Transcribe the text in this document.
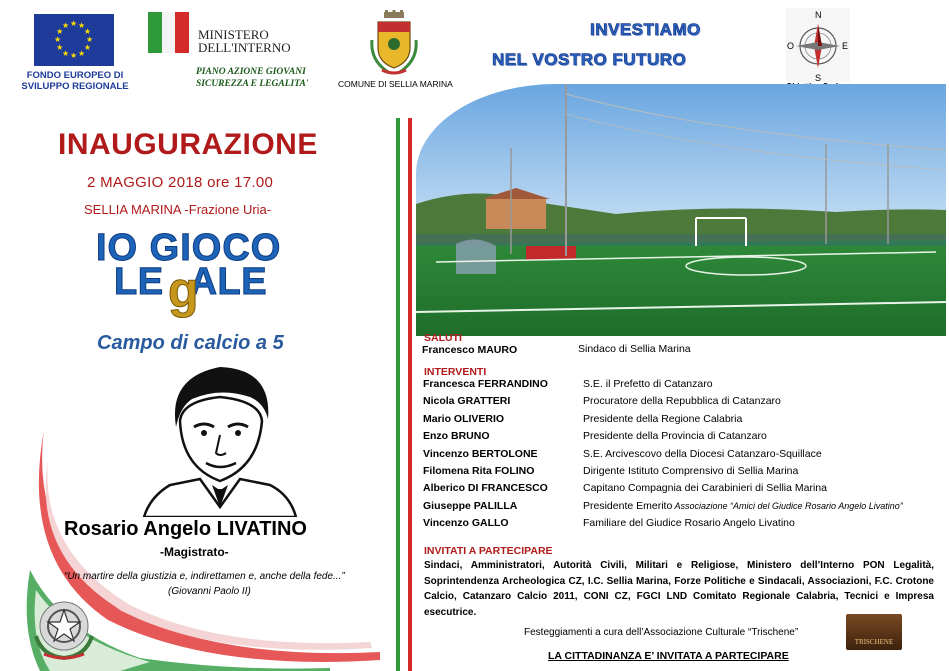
★
★
★
★
★
★
★
★
★ ★ ★
★
FONDO EUROPEO DI
SVILUPPO REGIONALE
MINISTERO
DELL'INTERNO
PIANO AZIONE GIOVANI
SICUREZZA E LEGALITA'	COMUNE DI SELLIA MARINA
INVESTIAMO
NEL VOSTRO FUTURO
N
S
E
O
INAUGURAZIONE
2 MAGGIO 2018 ore 17.00
SELLIA MARINA -Frazione Uria-
IO GIOCO
LE ALE
g
Campo di calcio a 5
Rosario Angelo LIVATINO
-Magistrato-
“Un martire della giustizia e, indirettamen e, anche della fede...”
(Giovanni Paolo II)
SALUTI
Francesco MAURO	Sindaco di Sellia Marina
INTERVENTI
Francesca FERRANDINO	S.E. il Prefetto di Catanzaro
Nicola GRATTERI	Procuratore della Repubblica di Catanzaro
Mario OLIVERIO	Presidente della Regione Calabria
Enzo BRUNO	Presidente della Provincia di Catanzaro
Vincenzo BERTOLONE	S.E. Arcivescovo della Diocesi Catanzaro-Squillace
Filomena Rita FOLINO	Dirigente Istituto Comprensivo di Sellia Marina
Alberico DI FRANCESCO	Capitano Compagnia dei Carabinieri di Sellia Marina
Giuseppe PALILLA	Presidente Emerito Associazione “Amici del Giudice Rosario Angelo Livatino”
Vincenzo GALLO	Familiare del Giudice Rosario Angelo Livatino
INVITATI A PARTECIPARE
Sindaci, Amministratori, Autorità Civili, Militari e Religiose, Ministero dell’Interno PON Legalità, Soprintendenza Archeologica CZ, I.C. Sellia Marina, Forze Politiche e Sindacali, Associazioni, F.C. Crotone Calcio, Catanzaro Calcio 2011, CONI CZ, FGCI LND Comitato Regionale Calabria, Tecnici e Impresa esecutrice.
Festeggiamenti a cura dell’Associazione Culturale “Trischene”
TRISCHENE
LA CITTADINANZA E’ INVITATA A PARTECIPARE
